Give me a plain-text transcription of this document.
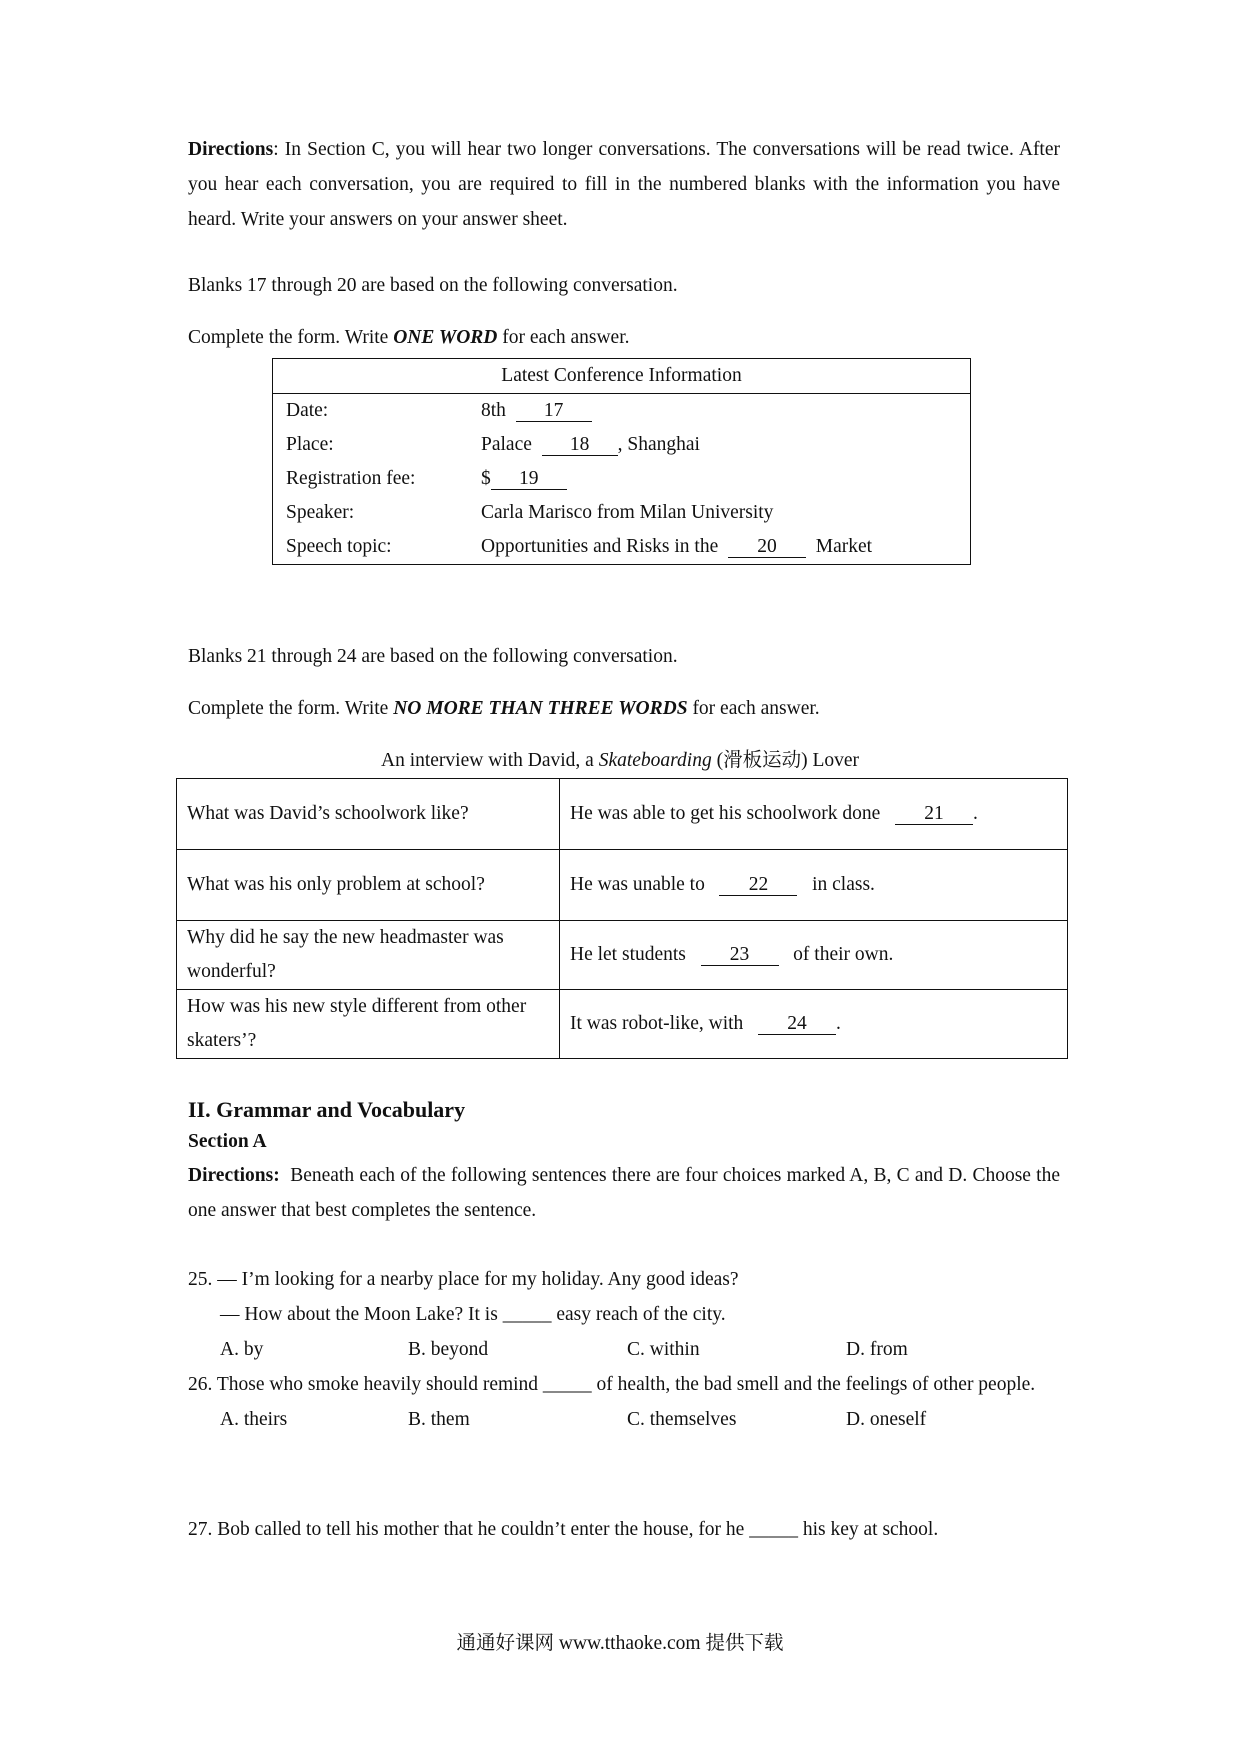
Directions: In Section C, you will hear two longer conversations. The conversations will be read twice. After you hear each conversation, you are required to fill in the numbered blanks with the information you have heard. Write your answers on your answer sheet.

Blanks 17 through 20 are based on the following conversation.

Complete the form. Write ONE WORD for each answer.

Latest Conference Information	
Date:	8th 17
Place:	Palace 18 , Shanghai
Registration fee:	$ 19
Speaker:	Carla Marisco from Milan University
Speech topic:	Opportunities and Risks in the 20 Market

Blanks 21 through 24 are based on the following conversation.

Complete the form. Write NO MORE THAN THREE WORDS for each answer.

An interview with David, a Skateboarding (滑板运动) Lover

What was David’s schoolwork like?	He was able to get his schoolwork done 21 .
What was his only problem at school?	He was unable to 22 in class.
Why did he say the new headmaster was wonderful?	He let students 23 of their own.
How was his new style different from other skaters’?	It was robot-like, with 24 .

II. Grammar and Vocabulary

Section A

Directions: Beneath each of the following sentences there are four choices marked A, B, C and D. Choose the one answer that best completes the sentence.

25. — I’m looking for a nearby place for my holiday. Any good ideas?

— How about the Moon Lake? It is _____ easy reach of the city.

A. by	B. beyond	C. within	D. from

26. Those who smoke heavily should remind _____ of health, the bad smell and the feelings of other people.

A. theirs	B. them	C. themselves	D. oneself

27. Bob called to tell his mother that he couldn’t enter the house, for he _____ his key at school.

通通好课网 www.tthaoke.com 提供下载
